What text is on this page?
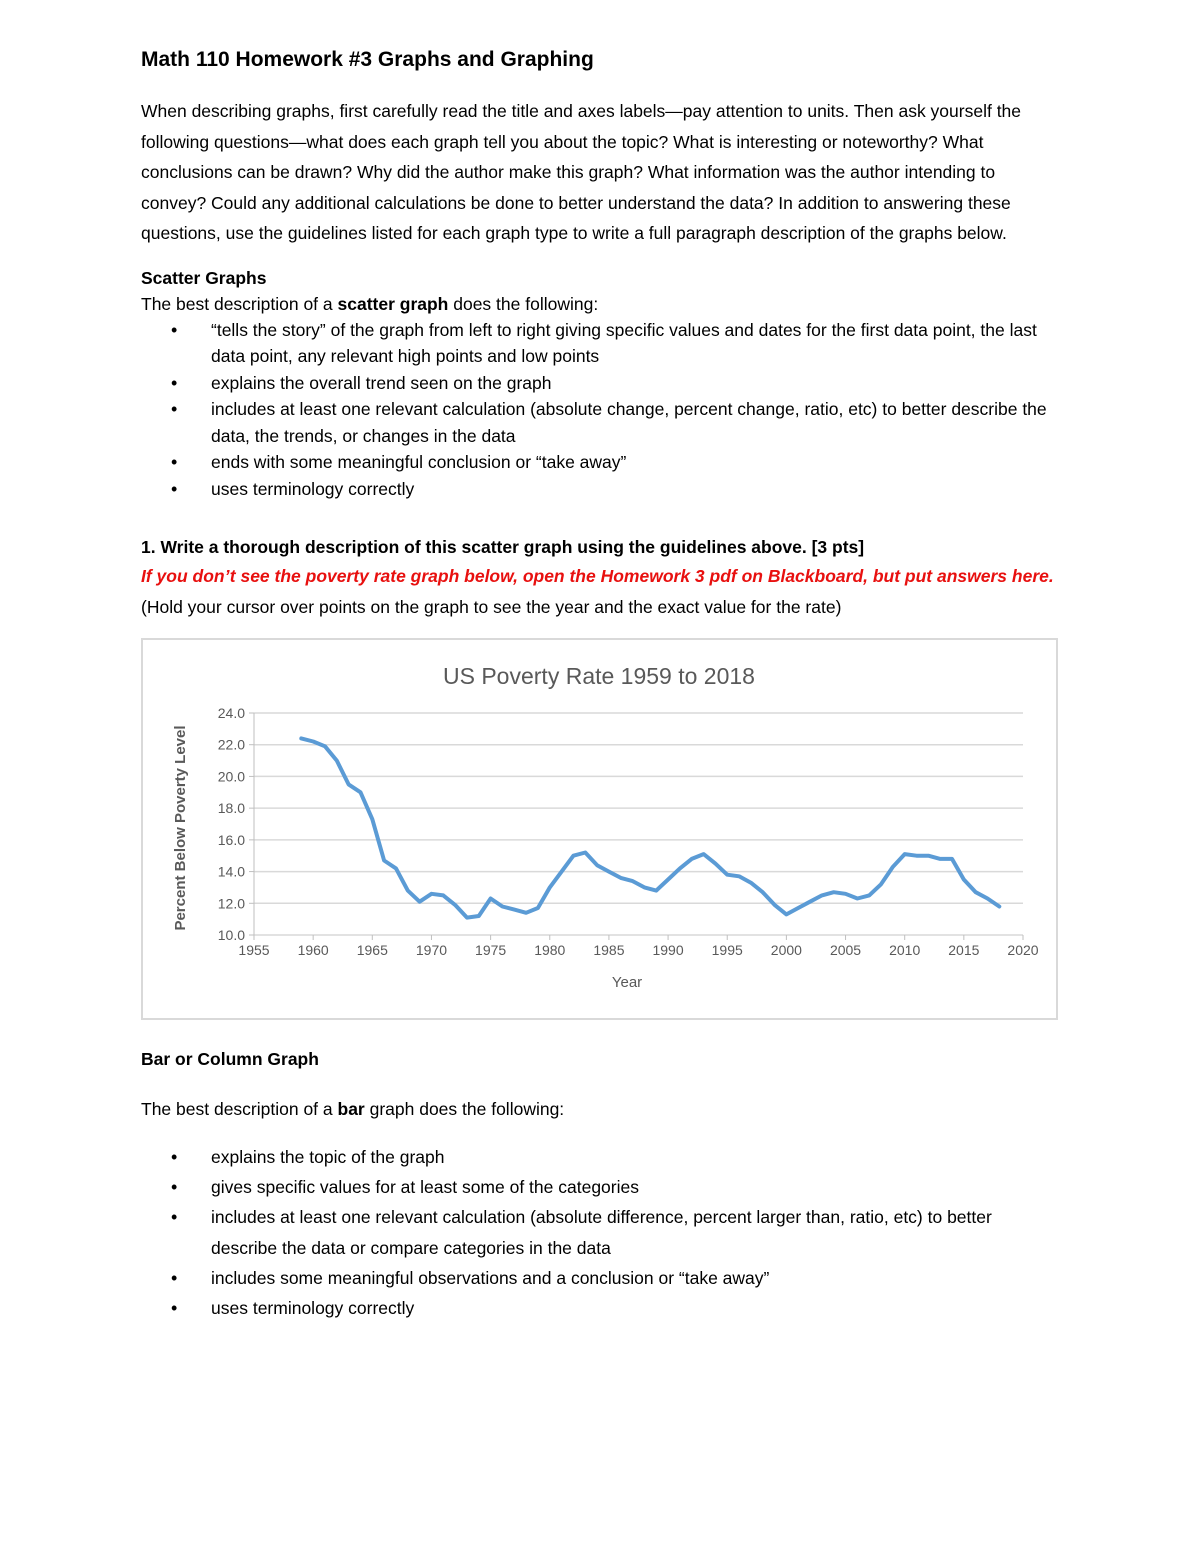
Math 110 Homework #3 Graphs and Graphing

When describing graphs, first carefully read the title and axes labels—pay attention to units. Then ask yourself the following questions—what does each graph tell you about the topic? What is interesting or noteworthy? What conclusions can be drawn? Why did the author make this graph? What information was the author intending to convey? Could any additional calculations be done to better understand the data? In addition to answering these questions, use the guidelines listed for each graph type to write a full paragraph description of the graphs below.

Scatter Graphs

The best description of a scatter graph does the following:

• “tells the story” of the graph from left to right giving specific values and dates for the first data point, the last data point, any relevant high points and low points
• explains the overall trend seen on the graph
• includes at least one relevant calculation (absolute change, percent change, ratio, etc) to better describe the data, the trends, or changes in the data
• ends with some meaningful conclusion or “take away”
• uses terminology correctly

1. Write a thorough description of this scatter graph using the guidelines above. [3 pts]

If you don’t see the poverty rate graph below, open the Homework 3 pdf on Blackboard, but put answers here.

(Hold your cursor over points on the graph to see the year and the exact value for the rate)

US Poverty Rate 1959 to 2018
Year
Percent Below Poverty Level
10.0
12.0
14.0
16.0
18.0
20.0
22.0
24.0
1955 1960 1965 1970 1975 1980 1985 1990 1995 2000 2005 2010 2015 2020

Bar or Column Graph

The best description of a bar graph does the following:

• explains the topic of the graph
• gives specific values for at least some of the categories
• includes at least one relevant calculation (absolute difference, percent larger than, ratio, etc) to better describe the data or compare categories in the data
• includes some meaningful observations and a conclusion or “take away”
• uses terminology correctly
